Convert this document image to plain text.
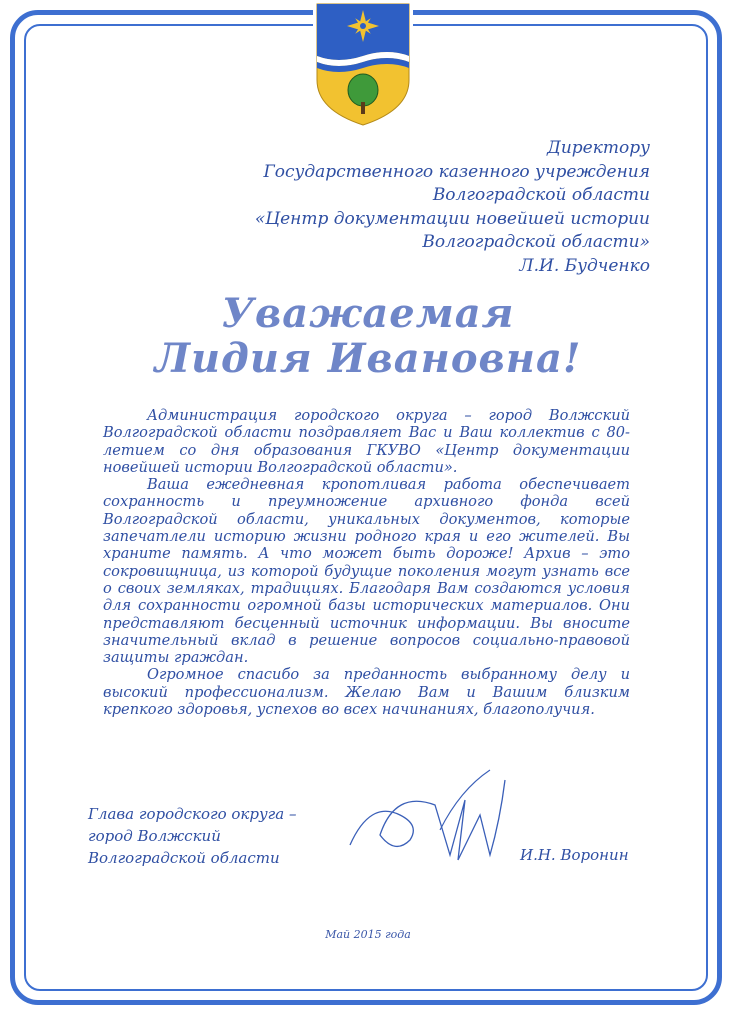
Директору
Государственного казенного учреждения
Волгоградской области
«Центр документации новейшей истории
Волгоградской области»
Л.И. Будченко
Уважаемая
Лидия Ивановна!

Администрация городского округа – город Волжский Волгоградской области поздравляет Вас и Ваш коллектив с 80-летием со дня образования ГКУВО «Центр документации новейшей истории Волгоградской области».

Ваша ежедневная кропотливая работа обеспечивает сохранность и преумножение архивного фонда всей Волгоградской области, уникальных документов, которые запечатлели историю жизни родного края и его жителей. Вы храните память. А что может быть дороже! Архив – это сокровищница, из которой будущие поколения могут узнать все о своих земляках, традициях. Благодаря Вам создаются условия для сохранности огромной базы исторических материалов. Они представляют бесценный источник информации. Вы вносите значительный вклад в решение вопросов социально-правовой защиты граждан.

Огромное спасибо за преданность выбранному делу и высокий профессионализм. Желаю Вам и Вашим близким крепкого здоровья, успехов во всех начинаниях, благополучия.

Глава городского округа –
город Волжский
Волгоградской области	И.Н. Воронин
Май 2015 года
